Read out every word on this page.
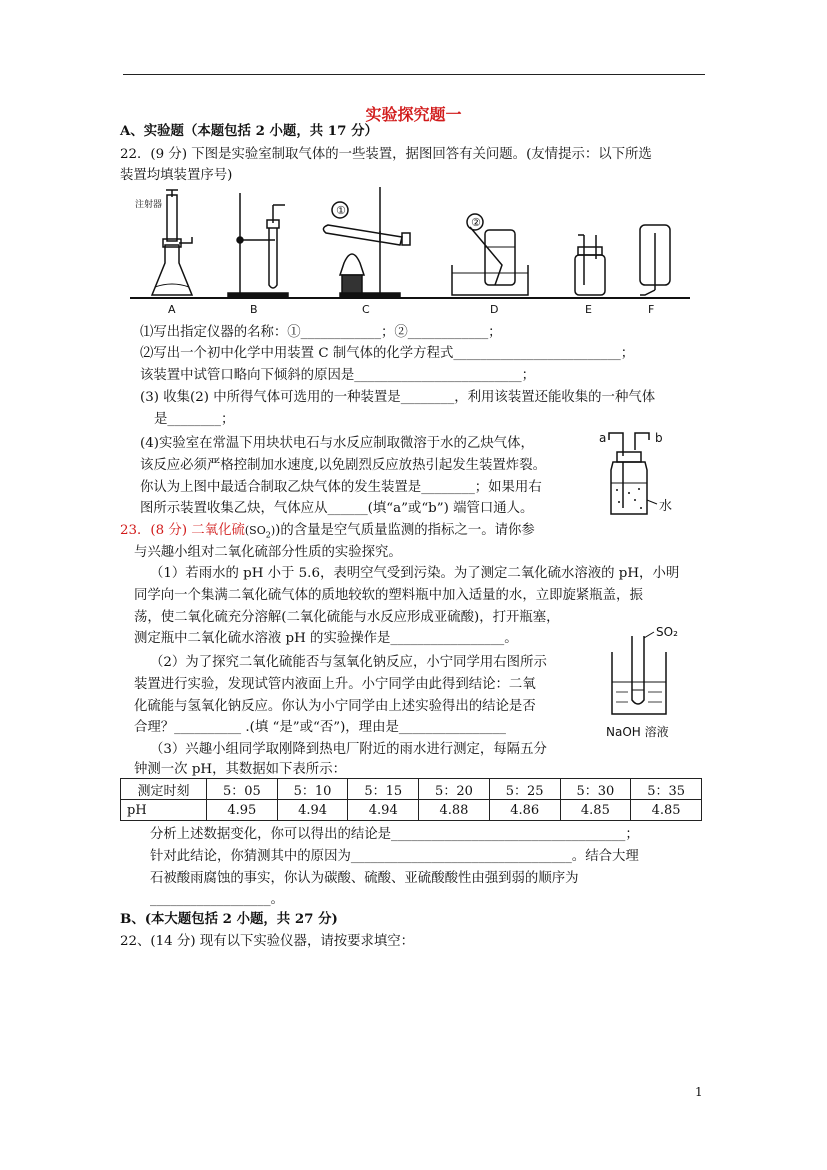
实验探究题一
A、实验题（本题包括 2 小题，共 17 分）
22．(9 分) 下图是实验室制取气体的一些装置，据图回答有关问题。(友情提示：以下所选
装置均填装置序号)
①
②
注射器
A	B	C	D	E	F
⑴写出指定仪器的名称：①____________；②____________；
⑵写出一个初中化学中用装置 C 制气体的化学方程式_________________________；
该装置中试管口略向下倾斜的原因是_________________________；
(3) 收集(2) 中所得气体可选用的一种装置是________，利用该装置还能收集的一种气体
是________；
(4)实验室在常温下用块状电石与水反应制取微溶于水的乙炔气体，
该反应必须严格控制加水速度,以免剧烈反应放热引起发生装置炸裂。
你认为上图中最适合制取乙炔气体的发生装置是________；如果用右
图所示装置收集乙炔，气体应从______(填“a”或“b”) 端管口通人。
a	b
水
23．(8 分) 二氧化硫$(SO_2)$)的含量是空气质量监测的指标之一。请你参
与兴趣小组对二氧化硫部分性质的实验探究。
（1）若雨水的 pH 小于 5.6，表明空气受到污染。为了测定二氧化硫水溶液的 pH，小明
同学向一个集满二氧化硫气体的质地较软的塑料瓶中加入适量的水，立即旋紧瓶盖，振
荡，使二氧化硫充分溶解(二氧化硫能与水反应形成亚硫酸)，打开瓶塞，
测定瓶中二氧化硫水溶液 pH 的实验操作是_________________。
（2）为了探究二氧化硫能否与氢氧化钠反应，小宁同学用右图所示
装置进行实验，发现试管内液面上升。小宁同学由此得到结论：二氧
化硫能与氢氧化钠反应。你认为小宁同学由上述实验得出的结论是否
合理？__________ .(填 “是”或“否”)，理由是________________
SO₂
NaOH 溶液
（3）兴趣小组同学取刚降到热电厂附近的雨水进行测定，每隔五分
钟测一次 pH，其数据如下表所示：
测定时刻	5：05	5：10	5：15	5：20	5：25	5：30	5：35
pH	4.95	4.94	4.94	4.88	4.86	4.85	4.85
分析上述数据变化，你可以得出的结论是___________________________________；
针对此结论，你猜测其中的原因为_________________________________。结合大理
石被酸雨腐蚀的事实，你认为碳酸、硫酸、亚硫酸酸性由强到弱的顺序为
__________________。
B、(本大题包括 2 小题，共 27 分)
22、(14 分) 现有以下实验仪器，请按要求填空：
1
